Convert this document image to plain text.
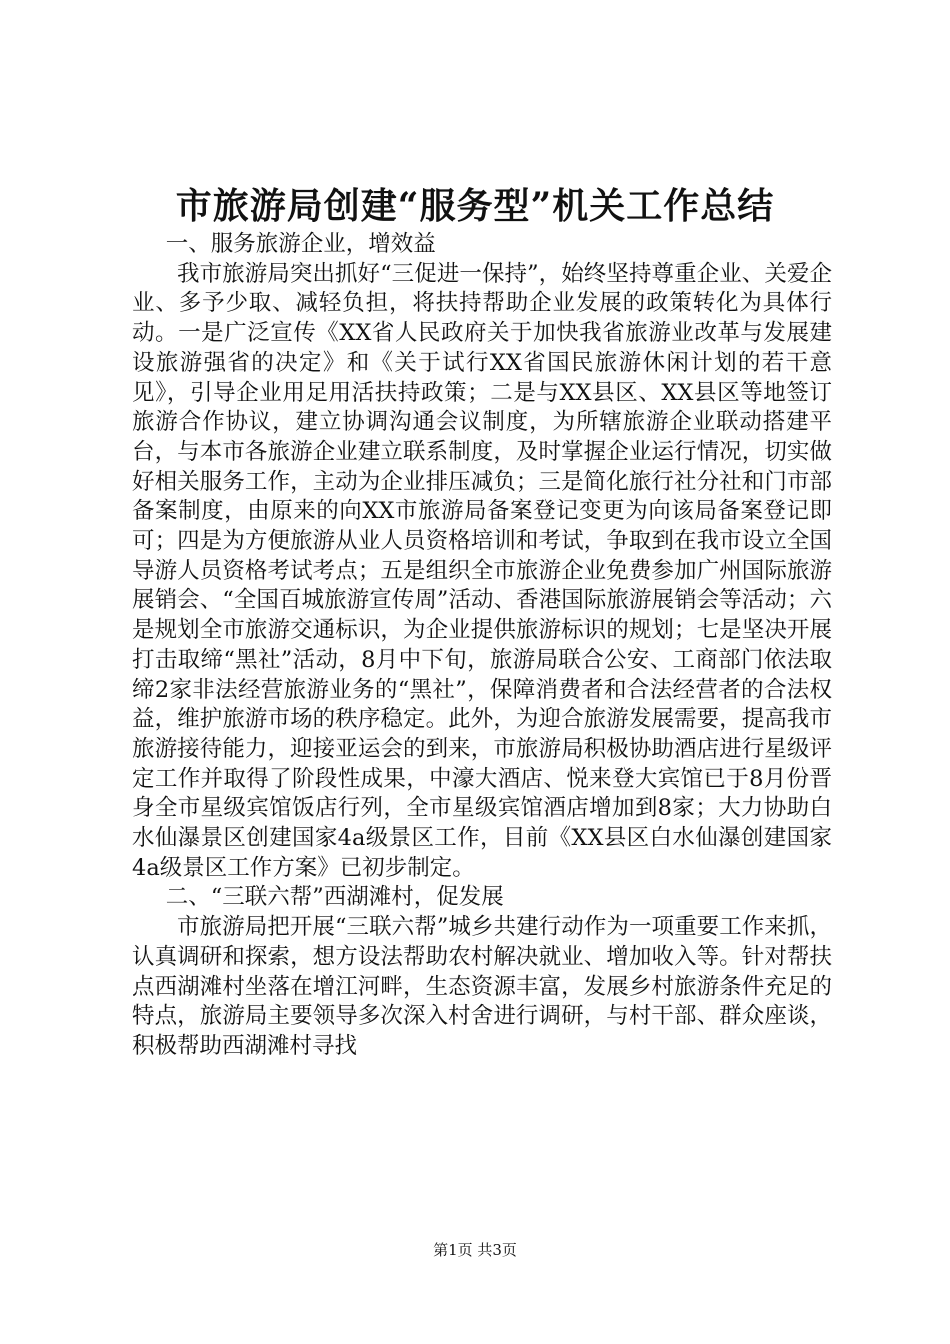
市旅游局创建“服务型”机关工作总结

一、服务旅游企业，增效益

我市旅游局突出抓好“三促进一保持”，始终坚持尊重企业、关爱企业、多予少取、减轻负担，将扶持帮助企业发展的政策转化为具体行动。一是广泛宣传《XX省人民政府关于加快我省旅游业改革与发展建设旅游强省的决定》和《关于试行XX省国民旅游休闲计划的若干意见》，引导企业用足用活扶持政策；二是与XX县区、XX县区等地签订旅游合作协议，建立协调沟通会议制度，为所辖旅游企业联动搭建平台，与本市各旅游企业建立联系制度，及时掌握企业运行情况，切实做好相关服务工作，主动为企业排压减负；三是简化旅行社分社和门市部备案制度，由原来的向XX市旅游局备案登记变更为向该局备案登记即可；四是为方便旅游从业人员资格培训和考试，争取到在我市设立全国导游人员资格考试考点；五是组织全市旅游企业免费参加广州国际旅游展销会、“全国百城旅游宣传周”活动、香港国际旅游展销会等活动；六是规划全市旅游交通标识，为企业提供旅游标识的规划；七是坚决开展打击取缔“黑社”活动，8月中下旬，旅游局联合公安、工商部门依法取缔2家非法经营旅游业务的“黑社”，保障消费者和合法经营者的合法权益，维护旅游市场的秩序稳定。此外，为迎合旅游发展需要，提高我市旅游接待能力，迎接亚运会的到来，市旅游局积极协助酒店进行星级评定工作并取得了阶段性成果，中濠大酒店、悦来登大宾馆已于8月份晋身全市星级宾馆饭店行列，全市星级宾馆酒店增加到8家；大力协助白水仙瀑景区创建国家4a级景区工作，目前《XX县区白水仙瀑创建国家4a级景区工作方案》已初步制定。

二、“三联六帮”西湖滩村，促发展

市旅游局把开展“三联六帮”城乡共建行动作为一项重要工作来抓，认真调研和探索，想方设法帮助农村解决就业、增加收入等。针对帮扶点西湖滩村坐落在增江河畔，生态资源丰富，发展乡村旅游条件充足的特点，旅游局主要领导多次深入村舍进行调研，与村干部、群众座谈，积极帮助西湖滩村寻找

第1页 共3页
